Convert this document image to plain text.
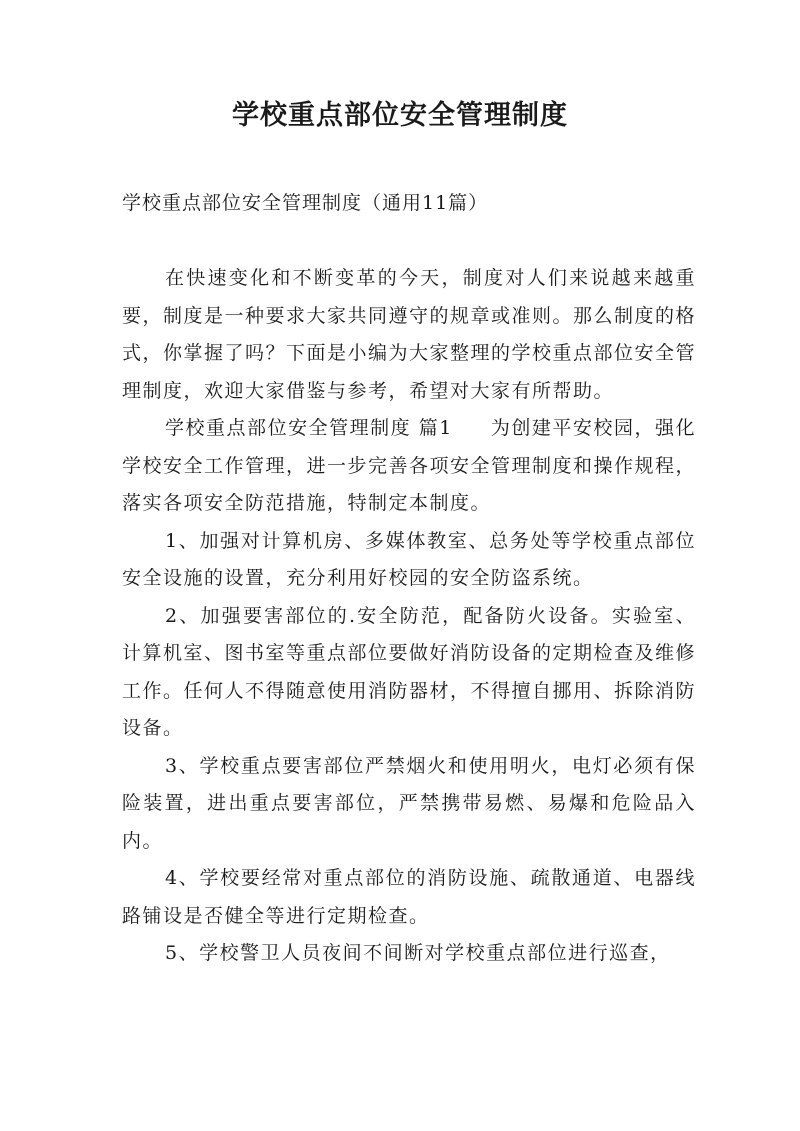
学校重点部位安全管理制度

学校重点部位安全管理制度（通用11篇）

在快速变化和不断变革的今天，制度对人们来说越来越重要，制度是一种要求大家共同遵守的规章或准则。那么制度的格式，你掌握了吗？下面是小编为大家整理的学校重点部位安全管理制度，欢迎大家借鉴与参考，希望对大家有所帮助。

学校重点部位安全管理制度 篇1 为创建平安校园，强化学校安全工作管理，进一步完善各项安全管理制度和操作规程，落实各项安全防范措施，特制定本制度。

1、加强对计算机房、多媒体教室、总务处等学校重点部位安全设施的设置，充分利用好校园的安全防盗系统。

2、加强要害部位的.安全防范，配备防火设备。实验室、计算机室、图书室等重点部位要做好消防设备的定期检查及维修工作。任何人不得随意使用消防器材，不得擅自挪用、拆除消防设备。

3、学校重点要害部位严禁烟火和使用明火，电灯必须有保险装置，进出重点要害部位，严禁携带易燃、易爆和危险品入内。

4、学校要经常对重点部位的消防设施、疏散通道、电器线路铺设是否健全等进行定期检查。

5、学校警卫人员夜间不间断对学校重点部位进行巡查，
